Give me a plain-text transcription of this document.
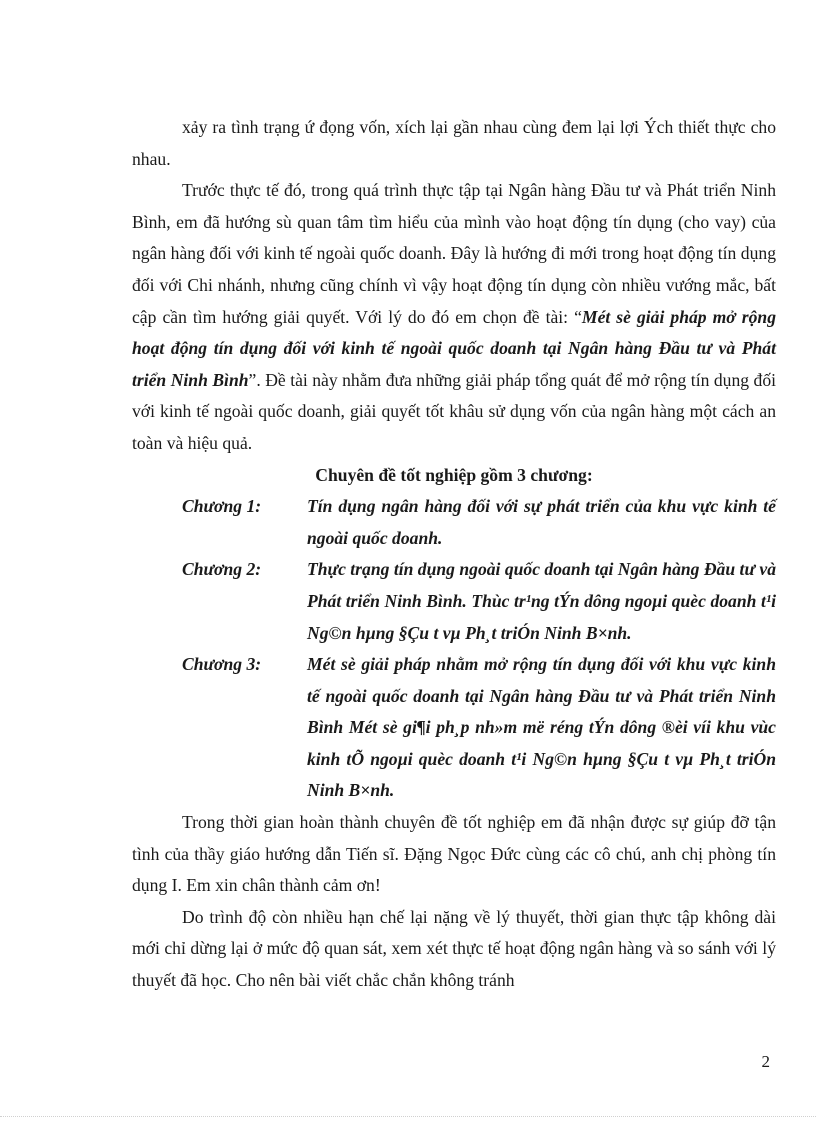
xảy ra tình trạng ứ đọng vốn, xích lại gần nhau cùng đem lại lợi Ých thiết thực cho nhau.

Trước thực tế đó, trong quá trình thực tập tại Ngân hàng Đầu tư và Phát triển Ninh Bình, em đã hướng sù quan tâm tìm hiểu của mình vào hoạt động tín dụng (cho vay) của ngân hàng đối với kinh tế ngoài quốc doanh. Đây là hướng đi mới trong hoạt động tín dụng đối với Chi nhánh, nhưng cũng chính vì vậy hoạt động tín dụng còn nhiều vướng mắc, bất cập cần tìm hướng giải quyết. Với lý do đó em chọn đề tài: “Mét sè giải pháp mở rộng hoạt động tín dụng đối với kinh tế ngoài quốc doanh tại Ngân hàng Đầu tư và Phát triển Ninh Bình”. Đề tài này nhằm đưa những giải pháp tổng quát để mở rộng tín dụng đối với kinh tế ngoài quốc doanh, giải quyết tốt khâu sử dụng vốn của ngân hàng một cách an toàn và hiệu quả.

Chuyên đề tốt nghiệp gồm 3 chương:

Chương 1:	Tín dụng ngân hàng đối với sự phát triển của khu vực kinh tế ngoài quốc doanh.
Chương 2:	Thực trạng tín dụng ngoài quốc doanh tại Ngân hàng Đầu tư và Phát triển Ninh Bình. Thùc tr¹ng tÝn dông ngoµi quèc doanh t¹i Ng©n hµng §Çu t vµ Ph¸t triÓn Ninh B×nh.
Chương 3:	Mét sè giải pháp nhằm mở rộng tín dụng đối với khu vực kinh tế ngoài quốc doanh tại Ngân hàng Đầu tư và Phát triển Ninh Bình Mét sè gi¶i ph¸p nh»m më réng tÝn dông ®èi víi khu vùc kinh tÕ ngoµi quèc doanh t¹i Ng©n hµng §Çu t vµ Ph¸t triÓn Ninh B×nh.

Trong thời gian hoàn thành chuyên đề tốt nghiệp em đã nhận được sự giúp đỡ tận tình của thầy giáo hướng dẫn Tiến sĩ. Đặng Ngọc Đức cùng các cô chú, anh chị phòng tín dụng I. Em xin chân thành cảm ơn!

Do trình độ còn nhiều hạn chế lại nặng về lý thuyết, thời gian thực tập không dài mới chỉ dừng lại ở mức độ quan sát, xem xét thực tế hoạt động ngân hàng và so sánh với lý thuyết đã học. Cho nên bài viết chắc chắn không tránh

2
